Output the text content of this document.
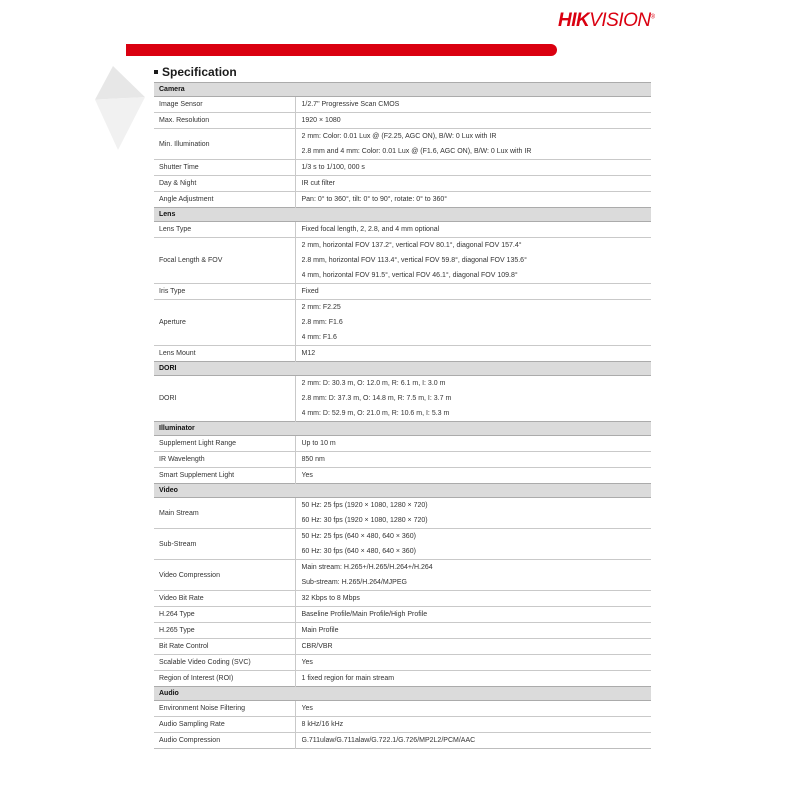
HIKVISION®
Specification
Camera	
Image Sensor	1/2.7" Progressive Scan CMOS

Max. Resolution	1920 × 1080

Min. Illumination	2 mm: Color: 0.01 Lux @ (F2.25, AGC ON), B/W: 0 Lux with IR
2.8 mm and 4 mm: Color: 0.01 Lux @ (F1.6, AGC ON), B/W: 0 Lux with IR

Shutter Time	1/3 s to 1/100, 000 s

Day & Night	IR cut filter

Angle Adjustment	Pan: 0° to 360°, tilt: 0° to 90°, rotate: 0° to 360°

Lens	
Lens Type	Fixed focal length, 2, 2.8, and 4 mm optional

Focal Length & FOV	2 mm, horizontal FOV 137.2°, vertical FOV 80.1°, diagonal FOV 157.4°
2.8 mm, horizontal FOV 113.4°, vertical FOV 59.8°, diagonal FOV 135.6°
4 mm, horizontal FOV 91.5°, vertical FOV 46.1°, diagonal FOV 109.8°

Iris Type	Fixed

Aperture	2 mm: F2.25
2.8 mm: F1.6
4 mm: F1.6

Lens Mount	M12

DORI	
DORI	2 mm: D: 30.3 m, O: 12.0 m, R: 6.1 m, I: 3.0 m
2.8 mm: D: 37.3 m, O: 14.8 m, R: 7.5 m, I: 3.7 m
4 mm: D: 52.9 m, O: 21.0 m, R: 10.6 m, I: 5.3 m

Illuminator	
Supplement Light Range	Up to 10 m

IR Wavelength	850 nm

Smart Supplement Light	Yes

Video	
Main Stream	50 Hz: 25 fps (1920 × 1080, 1280 × 720)
60 Hz: 30 fps (1920 × 1080, 1280 × 720)

Sub-Stream	50 Hz: 25 fps (640 × 480, 640 × 360)
60 Hz: 30 fps (640 × 480, 640 × 360)

Video Compression	Main stream: H.265+/H.265/H.264+/H.264
Sub-stream: H.265/H.264/MJPEG

Video Bit Rate	32 Kbps to 8 Mbps

H.264 Type	Baseline Profile/Main Profile/High Profile

H.265 Type	Main Profile

Bit Rate Control	CBR/VBR

Scalable Video Coding (SVC)	Yes

Region of Interest (ROI)	1 fixed region for main stream

Audio	
Environment Noise Filtering	Yes

Audio Sampling Rate	8 kHz/16 kHz

Audio Compression	G.711ulaw/G.711alaw/G.722.1/G.726/MP2L2/PCM/AAC
